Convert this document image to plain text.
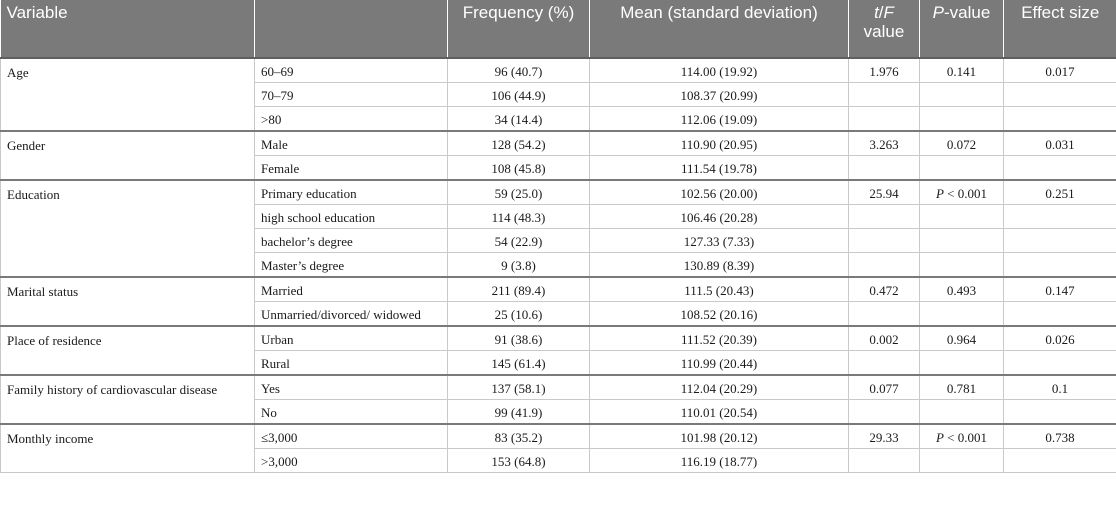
Variable		Frequency (%)	Mean (standard deviation)	t/F value	P-value	Effect size
Age	60–69	96 (40.7)	114.00 (19.92)	1.976	0.141	0.017
	70–79	106 (44.9)	108.37 (20.99)			
	>80	34 (14.4)	112.06 (19.09)			
Gender	Male	128 (54.2)	110.90 (20.95)	3.263	0.072	0.031
	Female	108 (45.8)	111.54 (19.78)			
Education	Primary education	59 (25.0)	102.56 (20.00)	25.94	P < 0.001	0.251
	high school education	114 (48.3)	106.46 (20.28)			
	bachelor’s degree	54 (22.9)	127.33 (7.33)			
	Master’s degree	9 (3.8)	130.89 (8.39)			
Marital status	Married	211 (89.4)	111.5 (20.43)	0.472	0.493	0.147
	Unmarried/divorced/ widowed	25 (10.6)	108.52 (20.16)			
Place of residence	Urban	91 (38.6)	111.52 (20.39)	0.002	0.964	0.026
	Rural	145 (61.4)	110.99 (20.44)			
Family history of cardiovascular disease	Yes	137 (58.1)	112.04 (20.29)	0.077	0.781	0.1
	No	99 (41.9)	110.01 (20.54)			
Monthly income	≤3,000	83 (35.2)	101.98 (20.12)	29.33	P < 0.001	0.738
	>3,000	153 (64.8)	116.19 (18.77)			
